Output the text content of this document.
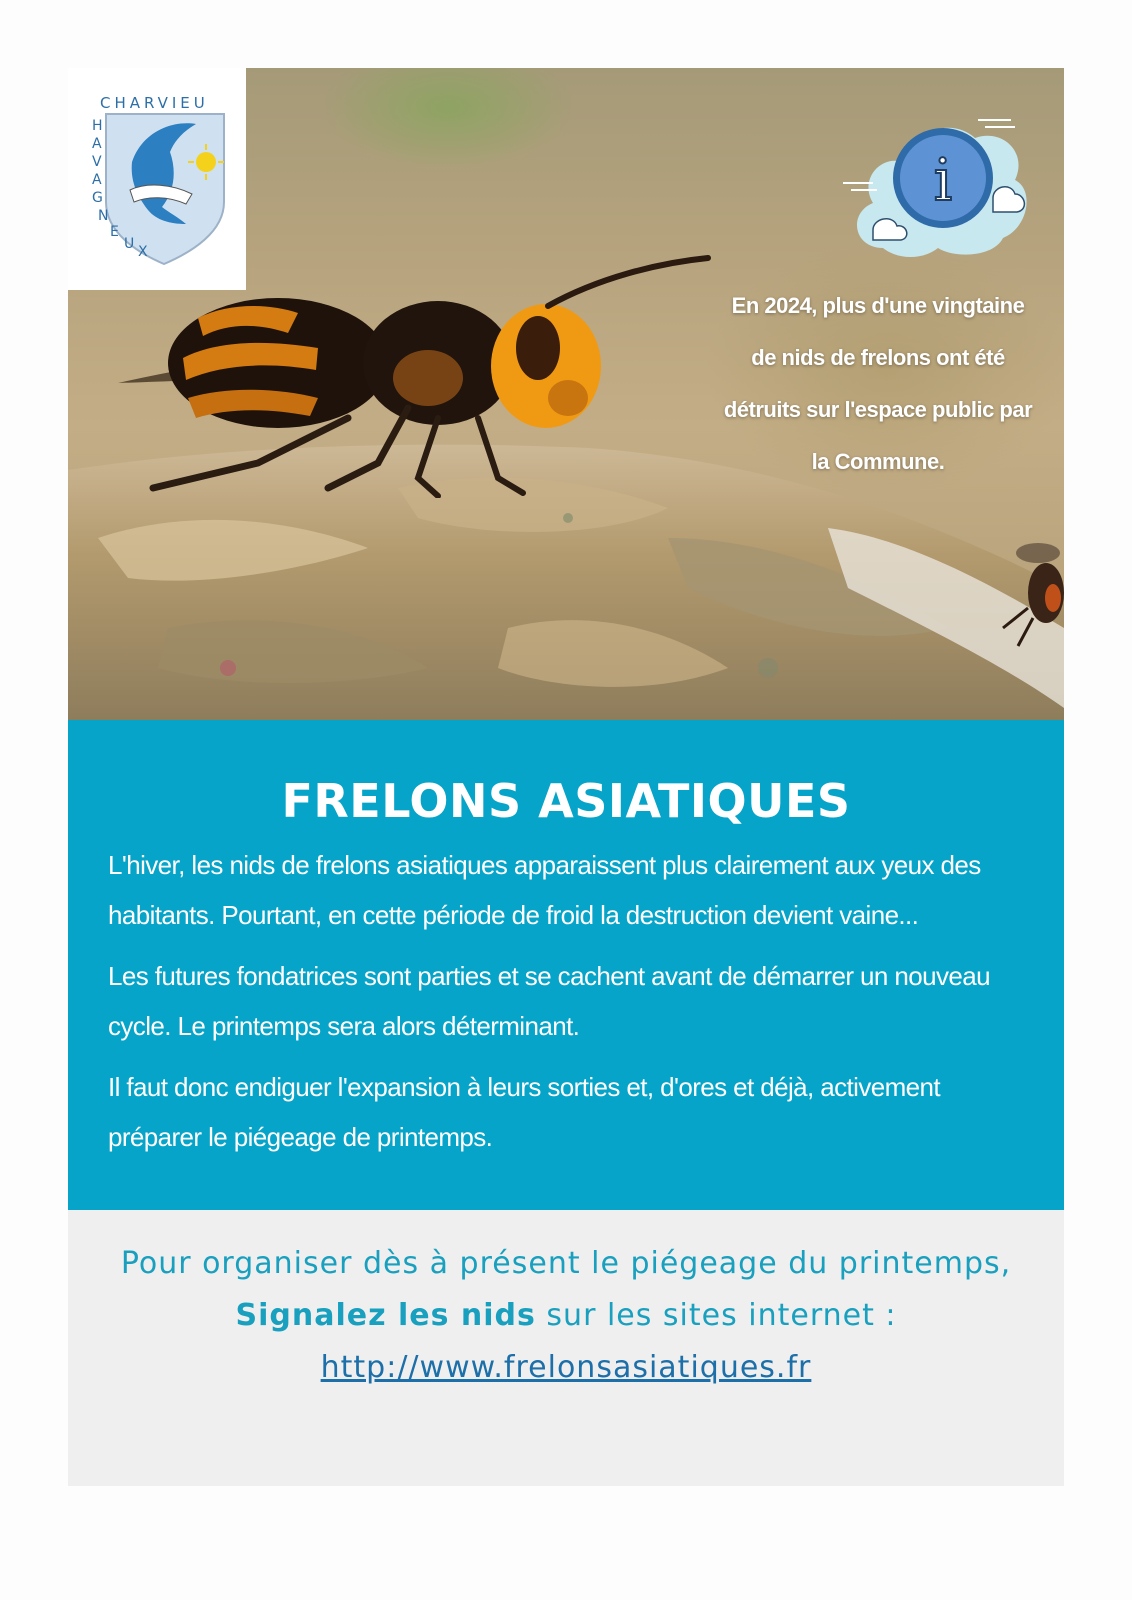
CHARVIEU
H A V A G N EU X
i
En 2024, plus d'une vingtaine de nids de frelons ont été détruits sur l'espace public par la Commune.
FRELONS ASIATIQUES

L'hiver, les nids de frelons asiatiques apparaissent plus clairement aux yeux des habitants. Pourtant, en cette période de froid la destruction devient vaine...

Les futures fondatrices sont parties et se cachent avant de démarrer un nouveau cycle. Le printemps sera alors déterminant.

Il faut donc endiguer l'expansion à leurs sorties et, d'ores et déjà, activement préparer le piégeage de printemps.

Pour organiser dès à présent le piégeage du printemps,
Signalez les nids sur les sites internet :
http://www.frelonsasiatiques.fr
